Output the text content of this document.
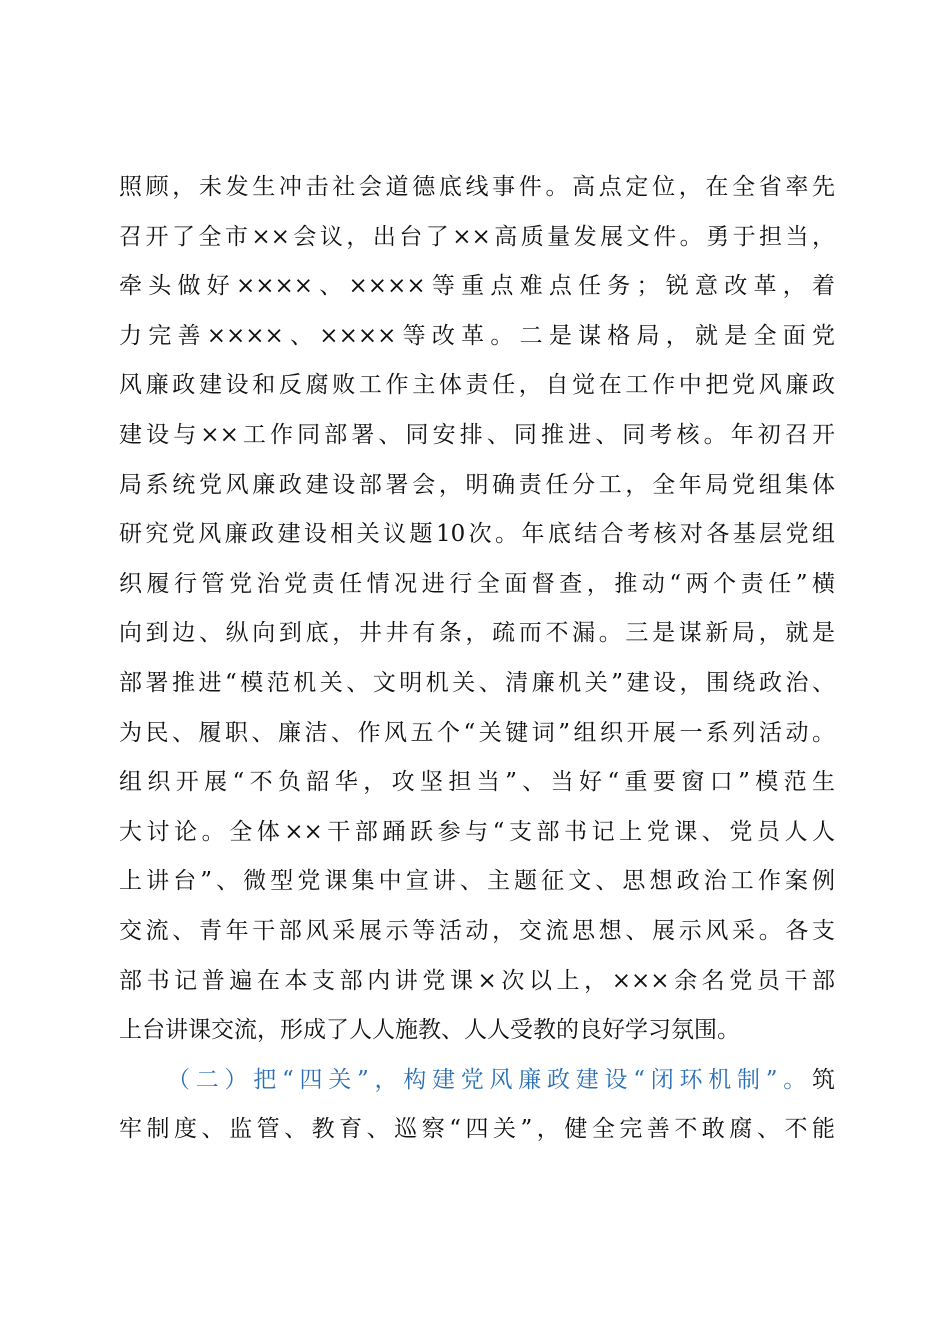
照顾，未发生冲击社会道德底线事件。高点定位，在全省率先
召开了全市××会议，出台了××高质量发展文件。勇于担当，
牵头做好××××、××××等重点难点任务；锐意改革，着
力完善××××、××××等改革。二是谋格局，就是全面党
风廉政建设和反腐败工作主体责任，自觉在工作中把党风廉政
建设与××工作同部署、同安排、同推进、同考核。年初召开
局系统党风廉政建设部署会，明确责任分工，全年局党组集体
研究党风廉政建设相关议题10次。年底结合考核对各基层党组
织履行管党治党责任情况进行全面督查，推动“两个责任”横
向到边、纵向到底，井井有条，疏而不漏。三是谋新局，就是
部署推进“模范机关、文明机关、清廉机关”建设，围绕政治、
为民、履职、廉洁、作风五个“关键词”组织开展一系列活动。
组织开展“不负韶华，攻坚担当”、当好“重要窗口”模范生
大讨论。全体××干部踊跃参与“支部书记上党课、党员人人
上讲台”、微型党课集中宣讲、主题征文、思想政治工作案例
交流、青年干部风采展示等活动，交流思想、展示风采。各支
部书记普遍在本支部内讲党课×次以上，×××余名党员干部
上台讲课交流，形成了人人施教、人人受教的良好学习氛围。
（二）把“四关”，构建党风廉政建设“闭环机制”。筑
牢制度、监管、教育、巡察“四关”，健全完善不敢腐、不能
